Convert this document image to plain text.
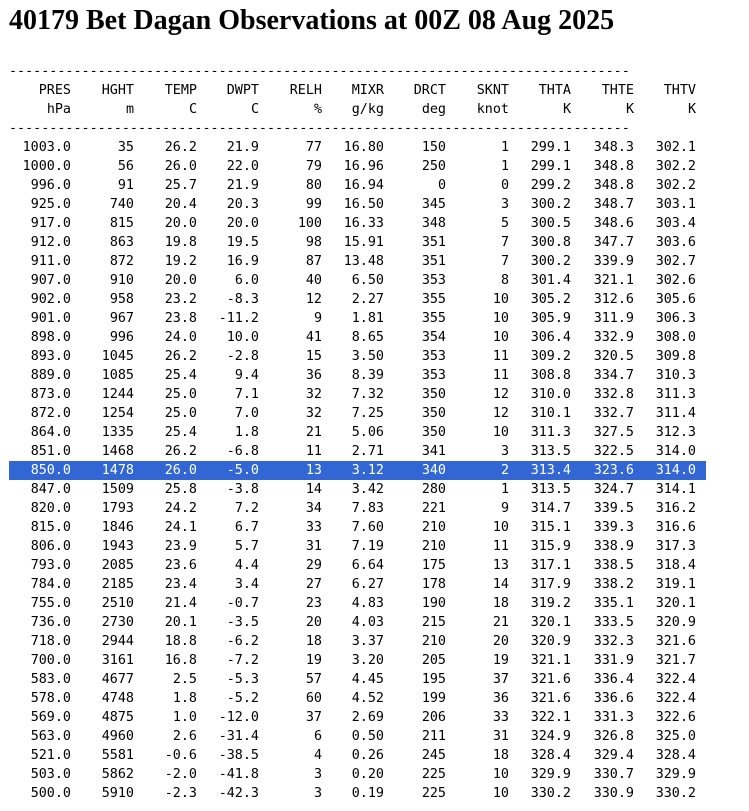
40179 Bet Dagan Observations at 00Z 08 Aug 2025
-----------------------------------------------------------------------------
PRES	HGHT	TEMP	DWPT	RELH	MIXR	DRCT	SKNT	THTA	THTE	THTV
hPa	m	C	C	%	g/kg	deg	knot	K	K	K
-----------------------------------------------------------------------------
1003.0	35	26.2	21.9	77	16.80	150	1	299.1	348.3	302.1
1000.0	56	26.0	22.0	79	16.96	250	1	299.1	348.8	302.2
996.0	91	25.7	21.9	80	16.94	0	0	299.2	348.8	302.2
925.0	740	20.4	20.3	99	16.50	345	3	300.2	348.7	303.1
917.0	815	20.0	20.0	100	16.33	348	5	300.5	348.6	303.4
912.0	863	19.8	19.5	98	15.91	351	7	300.8	347.7	303.6
911.0	872	19.2	16.9	87	13.48	351	7	300.2	339.9	302.7
907.0	910	20.0	6.0	40	6.50	353	8	301.4	321.1	302.6
902.0	958	23.2	-8.3	12	2.27	355	10	305.2	312.6	305.6
901.0	967	23.8	-11.2	9	1.81	355	10	305.9	311.9	306.3
898.0	996	24.0	10.0	41	8.65	354	10	306.4	332.9	308.0
893.0	1045	26.2	-2.8	15	3.50	353	11	309.2	320.5	309.8
889.0	1085	25.4	9.4	36	8.39	353	11	308.8	334.7	310.3
873.0	1244	25.0	7.1	32	7.32	350	12	310.0	332.8	311.3
872.0	1254	25.0	7.0	32	7.25	350	12	310.1	332.7	311.4
864.0	1335	25.4	1.8	21	5.06	350	10	311.3	327.5	312.3
851.0	1468	26.2	-6.8	11	2.71	341	3	313.5	322.5	314.0
850.0	1478	26.0	-5.0	13	3.12	340	2	313.4	323.6	314.0
847.0	1509	25.8	-3.8	14	3.42	280	1	313.5	324.7	314.1
820.0	1793	24.2	7.2	34	7.83	221	9	314.7	339.5	316.2
815.0	1846	24.1	6.7	33	7.60	210	10	315.1	339.3	316.6
806.0	1943	23.9	5.7	31	7.19	210	11	315.9	338.9	317.3
793.0	2085	23.6	4.4	29	6.64	175	13	317.1	338.5	318.4
784.0	2185	23.4	3.4	27	6.27	178	14	317.9	338.2	319.1
755.0	2510	21.4	-0.7	23	4.83	190	18	319.2	335.1	320.1
736.0	2730	20.1	-3.5	20	4.03	215	21	320.1	333.5	320.9
718.0	2944	18.8	-6.2	18	3.37	210	20	320.9	332.3	321.6
700.0	3161	16.8	-7.2	19	3.20	205	19	321.1	331.9	321.7
583.0	4677	2.5	-5.3	57	4.45	195	37	321.6	336.4	322.4
578.0	4748	1.8	-5.2	60	4.52	199	36	321.6	336.6	322.4
569.0	4875	1.0	-12.0	37	2.69	206	33	322.1	331.3	322.6
563.0	4960	2.6	-31.4	6	0.50	211	31	324.9	326.8	325.0
521.0	5581	-0.6	-38.5	4	0.26	245	18	328.4	329.4	328.4
503.0	5862	-2.0	-41.8	3	0.20	225	10	329.9	330.7	329.9
500.0	5910	-2.3	-42.3	3	0.19	225	10	330.2	330.9	330.2
